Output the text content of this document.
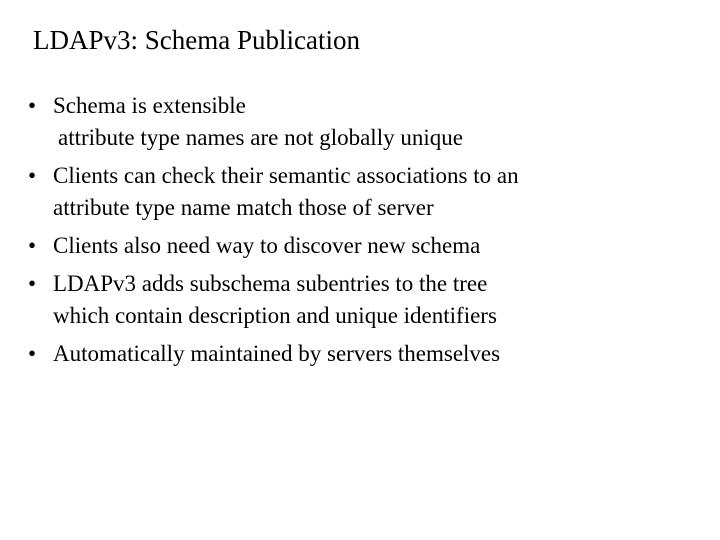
LDAPv3: Schema Publication
• Schema is extensible
attribute type names are not globally unique
• Clients can check their semantic associations to an
attribute type name match those of server
• Clients also need way to discover new schema
• LDAPv3 adds subschema subentries to the tree
which contain description and unique identifiers
• Automatically maintained by servers themselves
